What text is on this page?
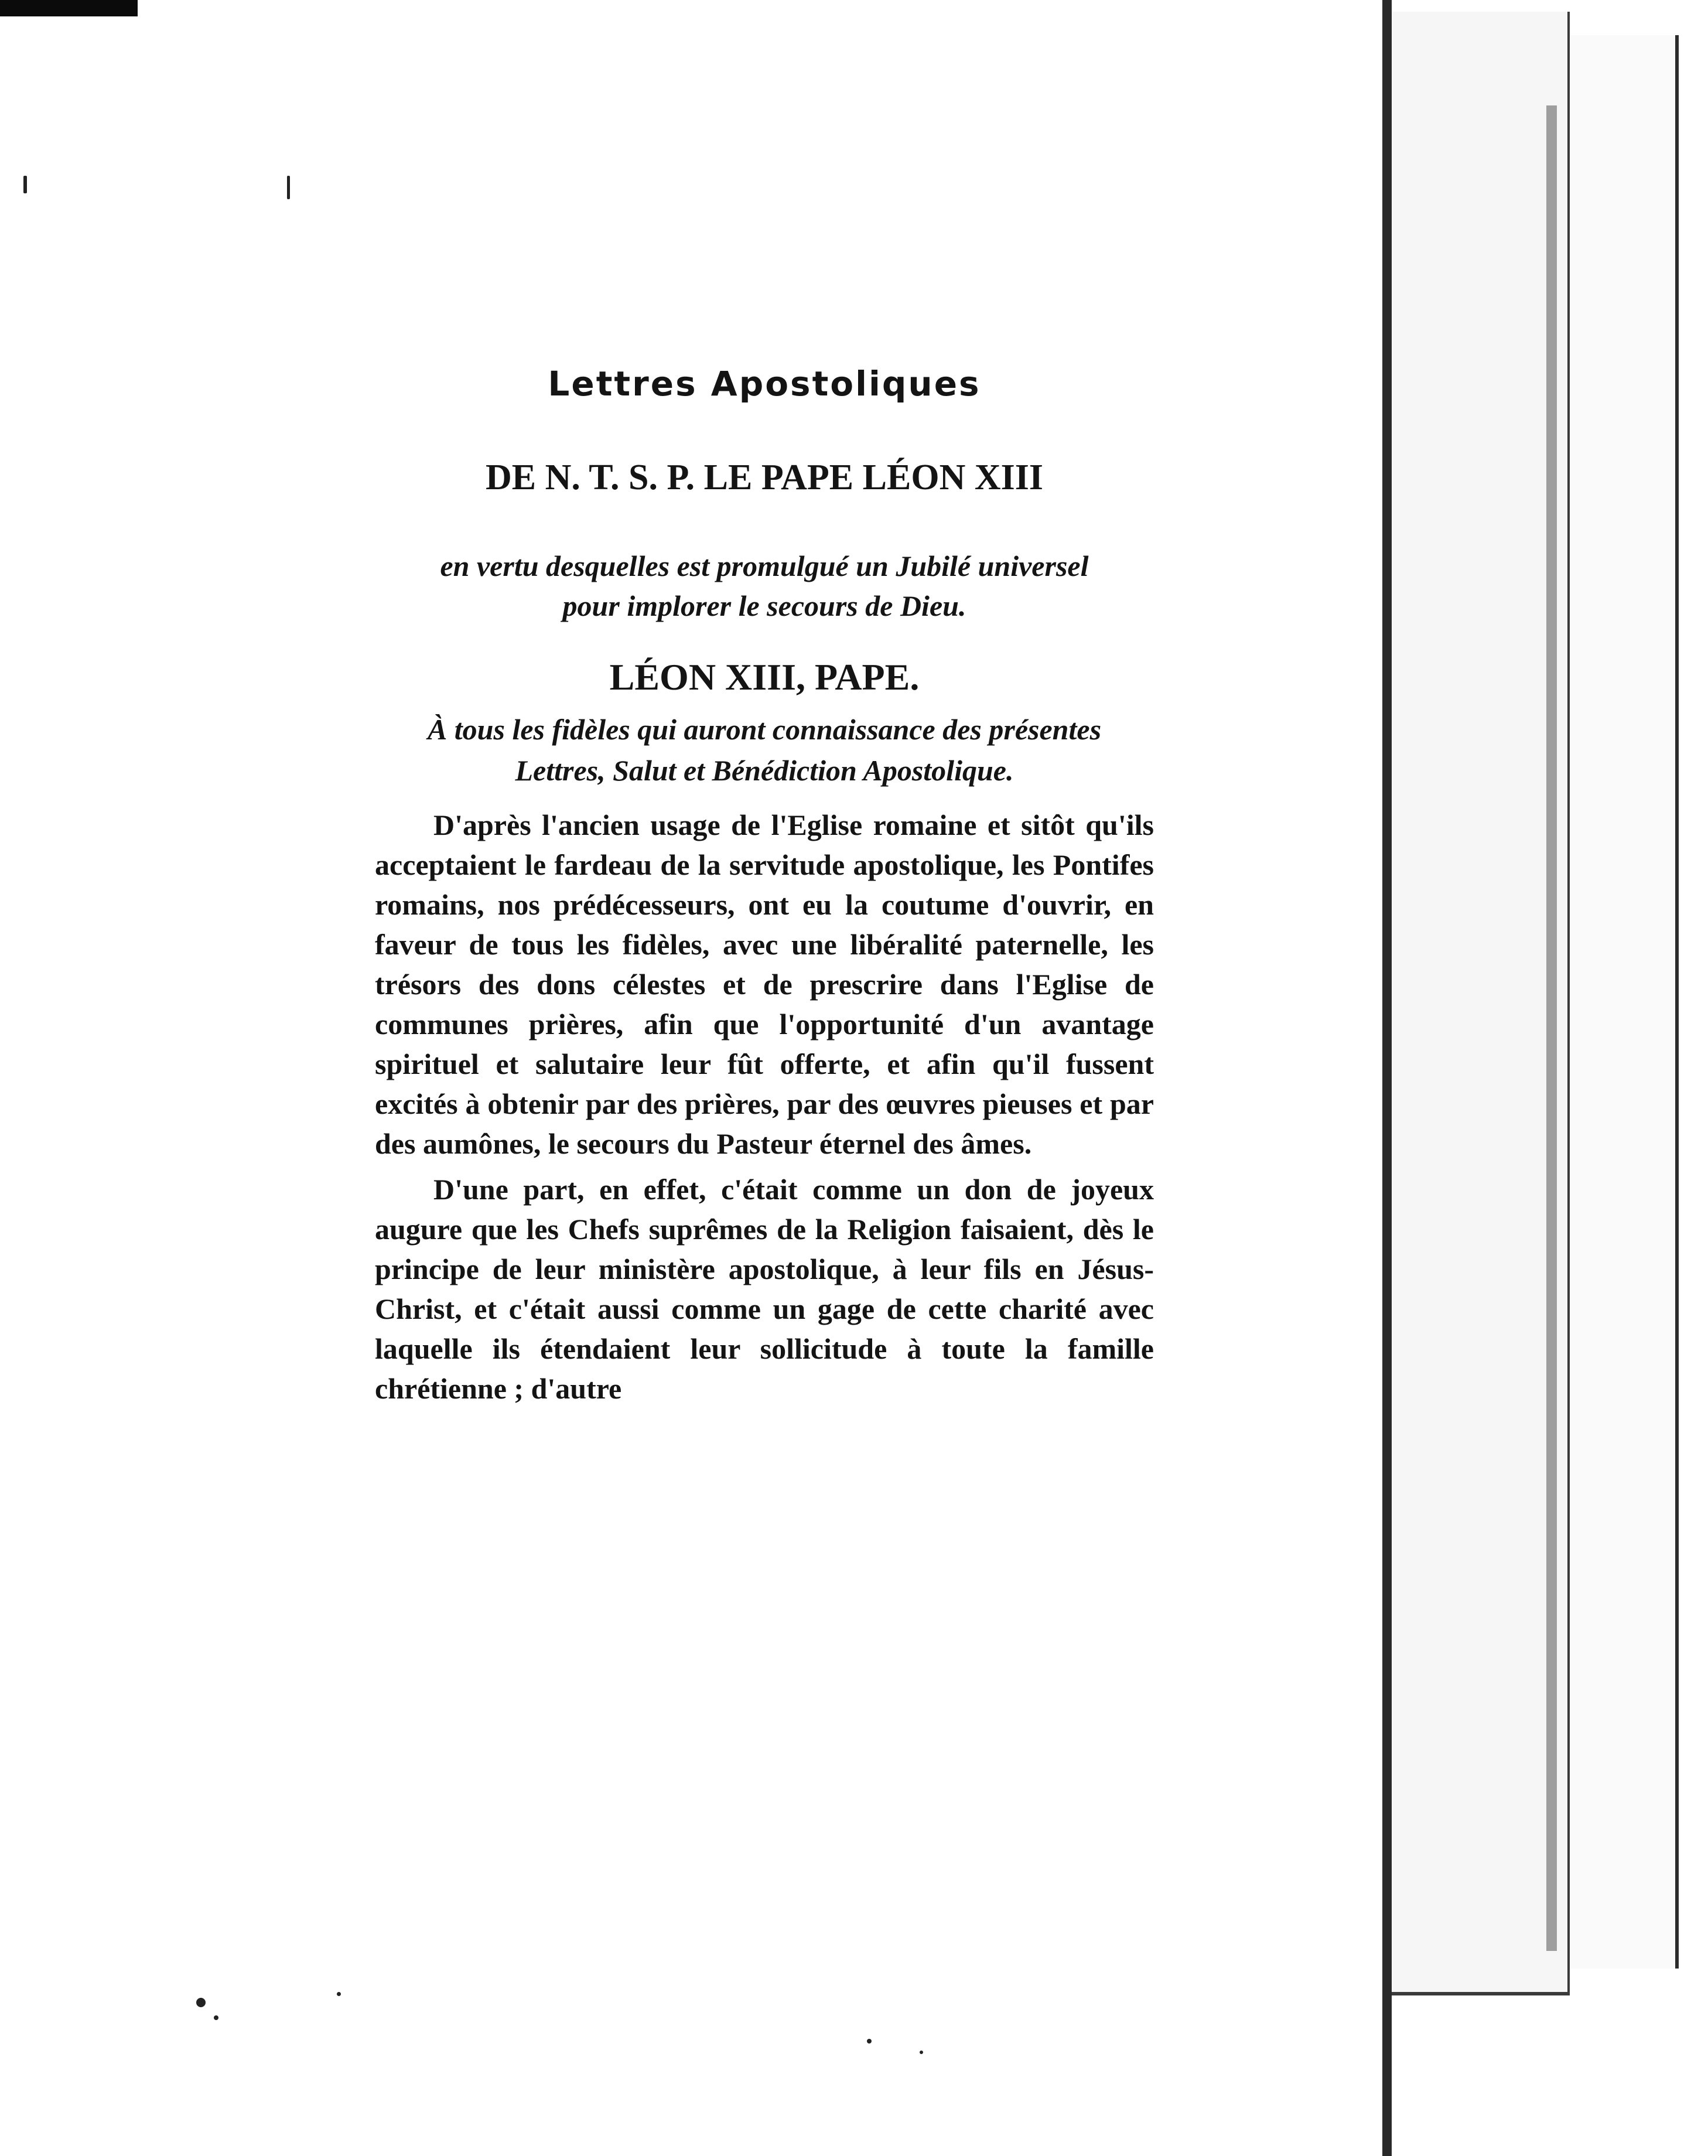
Lettres Apostoliques
DE N. T. S. P. LE PAPE LÉON XIII
en vertu desquelles est promulgué un Jubilé universel
pour implorer le secours de Dieu.
LÉON XIII, PAPE.
À tous les fidèles qui auront connaissance des présentes
Lettres, Salut et Bénédiction Apostolique.

D'après l'ancien usage de l'Eglise romaine et sitôt qu'ils acceptaient le fardeau de la servitude apostolique, les Pontifes romains, nos prédécesseurs, ont eu la coutume d'ouvrir, en faveur de tous les fidèles, avec une libéralité paternelle, les trésors des dons célestes et de prescrire dans l'Eglise de communes prières, afin que l'opportunité d'un avantage spirituel et salutaire leur fût offerte, et afin qu'il fussent excités à obtenir par des prières, par des œuvres pieuses et par des aumônes, le secours du Pasteur éternel des âmes.

D'une part, en effet, c'était comme un don de joyeux augure que les Chefs suprêmes de la Religion faisaient, dès le principe de leur ministère apostolique, à leur fils en Jésus-Christ, et c'était aussi comme un gage de cette charité avec laquelle ils étendaient leur sollicitude à toute la famille chrétienne ; d'autre
